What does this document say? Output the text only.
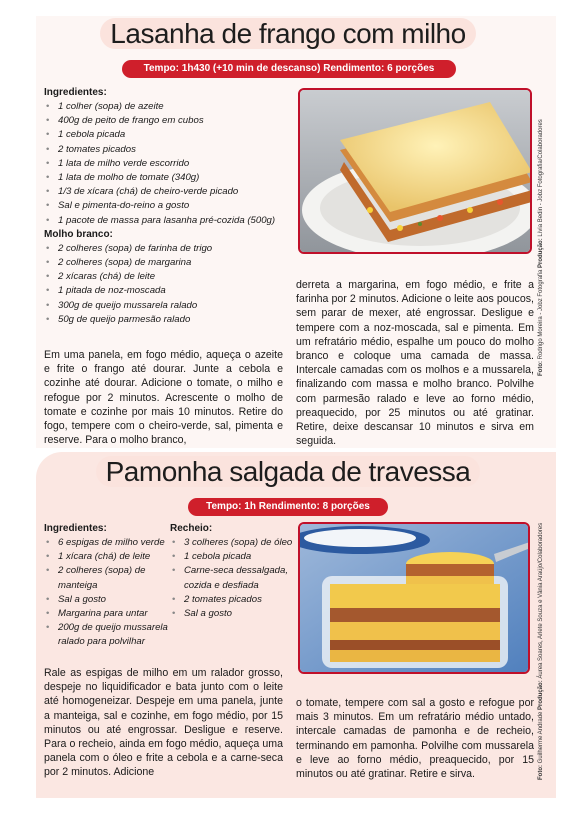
Lasanha de frango com milho
Tempo: 1h430 (+10 min de descanso) Rendimento: 6 porções
Ingredientes:
• 1 colher (sopa) de azeite
• 400g de peito de frango em cubos
• 1 cebola picada
• 2 tomates picados
• 1 lata de milho verde escorrido
• 1 lata de molho de tomate (340g)
• 1/3 de xícara (chá) de cheiro-verde picado
• Sal e pimenta-do-reino a gosto
• 1 pacote de massa para lasanha pré-cozida (500g)
Molho branco:
• 2 colheres (sopa) de farinha de trigo
• 2 colheres (sopa) de margarina
• 2 xícaras (chá) de leite
• 1 pitada de noz-moscada
• 300g de queijo mussarela ralado
• 50g de queijo parmesão ralado
Em uma panela, em fogo médio, aqueça o azeite e frite o frango até dourar. Junte a cebola e cozinhe até dourar. Adicione o tomate, o milho e refogue por 2 minutos. Acrescente o molho de tomate e cozinhe por mais 10 minutos. Retire do fogo, tempere com o cheiro-verde, sal, pimenta e reserve. Para o molho branco,
derreta a margarina, em fogo médio, e frite a farinha por 2 minutos. Adicione o leite aos poucos, sem parar de mexer, até engrossar. Desligue e tempere com a noz-moscada, sal e pimenta. Em um refratário médio, espalhe um pouco do molho branco e coloque uma camada de massa. Intercale camadas com os molhos e a mussarela, finalizando com massa e molho branco. Polvilhe com parmesão ralado e leve ao forno médio, preaquecido, por 25 minutos ou até gratinar. Retire, deixe descansar 10 minutos e sirva em seguida.
Foto: Rodrigo Moreira - Jobz Fotografia Produção: Lívia Bedin - Jobz Fotografia/Colaboradores
Pamonha salgada de travessa
Tempo: 1h Rendimento: 8 porções
Ingredientes:
• 6 espigas de milho verde
• 1 xícara (chá) de leite
• 2 colheres (sopa) de manteiga
• Sal a gosto
• Margarina para untar
• 200g de queijo mussarela ralado para polvilhar
Recheio:
• 3 colheres (sopa) de óleo
• 1 cebola picada
• Carne-seca dessalgada, cozida e desfiada
• 2 tomates picados
• Sal a gosto
Rale as espigas de milho em um ralador grosso, despeje no liquidificador e bata junto com o leite até homogeneizar. Despeje em uma panela, junte a manteiga, sal e cozinhe, em fogo médio, por 15 minutos ou até engrossar. Desligue e reserve. Para o recheio, ainda em fogo médio, aqueça uma panela com o óleo e frite a cebola e a carne-seca por 2 minutos. Adicione
o tomate, tempere com sal a gosto e refogue por mais 3 minutos. Em um refratário médio untado, intercale camadas de pamonha e de recheio, terminando em pamonha. Polvilhe com mussarela e leve ao forno médio, preaquecido, por 15 minutos ou até gratinar. Retire e sirva.	Foto: Guilherme Andrade Produção: Áurea Soares, Arlete Souza e Vânia Araújo/Colaboradores
